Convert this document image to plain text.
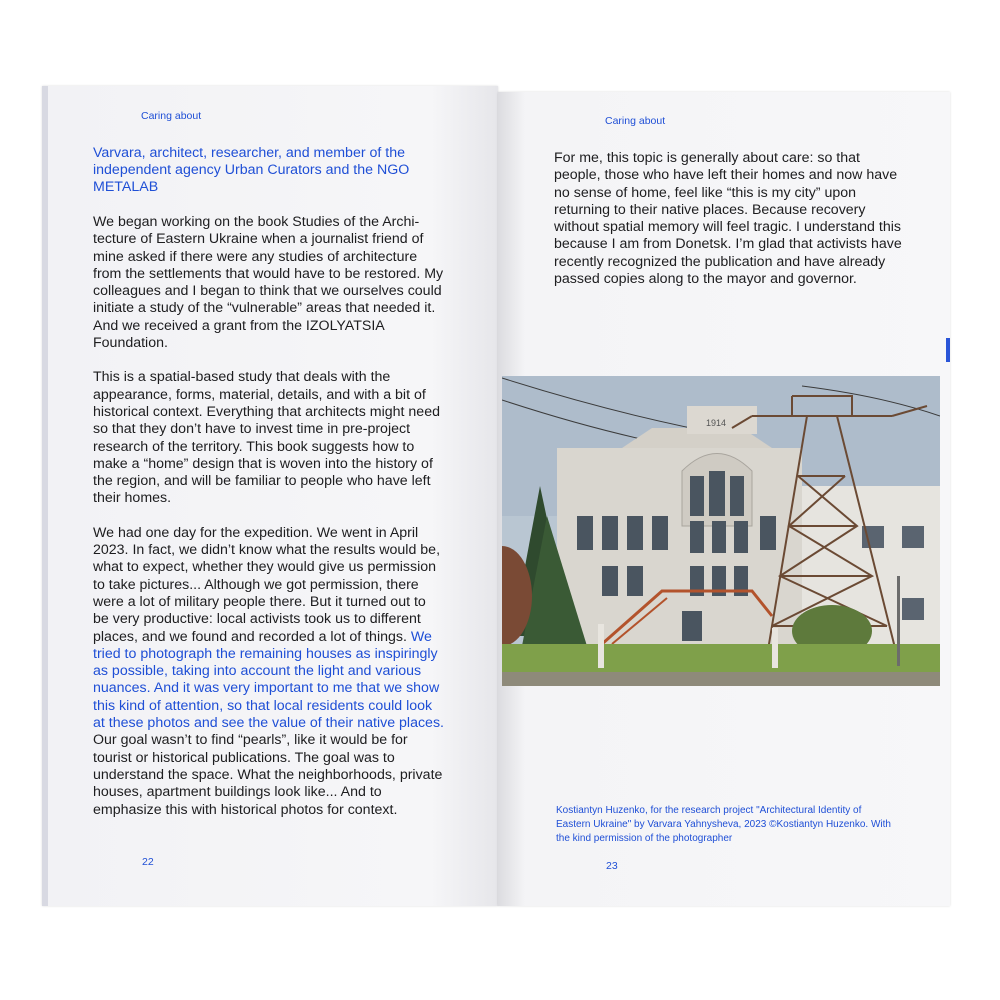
Caring about
Varvara, architect, researcher, and member of the independent agency Urban Curators and the NGO METALAB

We began working on the book Studies of the Architecture of Eastern Ukraine when a journalist friend of mine asked if there were any studies of architecture from the settlements that would have to be restored. My colleagues and I began to think that we ourselves could initiate a study of the “vulnerable” areas that needed it. And we received a grant from the IZOLYATSIA Foundation.

This is a spatial-based study that deals with the appearance, forms, material, details, and with a bit of historical context. Everything that architects might need so that they don’t have to invest time in pre-project research of the territory. This book suggests how to make a “home” design that is woven into the history of the region, and will be familiar to people who have left their homes.

We had one day for the expedition. We went in April 2023. In fact, we didn’t know what the results would be, what to expect, whether they would give us permission to take pictures... Although we got permission, there were a lot of military people there. But it turned out to be very productive: local activists took us to different places, and we found and recorded a lot of things. We tried to photograph the remaining houses as inspiringly as possible, taking into account the light and various nuances. And it was very important to me that we show this kind of attention, so that local residents could look at these photos and see the value of their native places. Our goal wasn’t to find “pearls”, like it would be for tourist or historical publications. The goal was to understand the space. What the neighborhoods, private houses, apartment buildings look like... And to emphasize this with historical photos for context.

22
Caring about

For me, this topic is generally about care: so that people, those who have left their homes and now have no sense of home, feel like “this is my city” upon returning to their native places. Because recovery without spatial memory will feel tragic. I understand this because I am from Donetsk. I’m glad that activists have recently recognized the publication and have already passed copies along to the mayor and governor.

1914
Kostiantyn Huzenko, for the research project "Architectural Identity of Eastern Ukraine" by Varvara Yahnysheva, 2023 ©Kostiantyn Huzenko. With the kind permission of the photographer
23
